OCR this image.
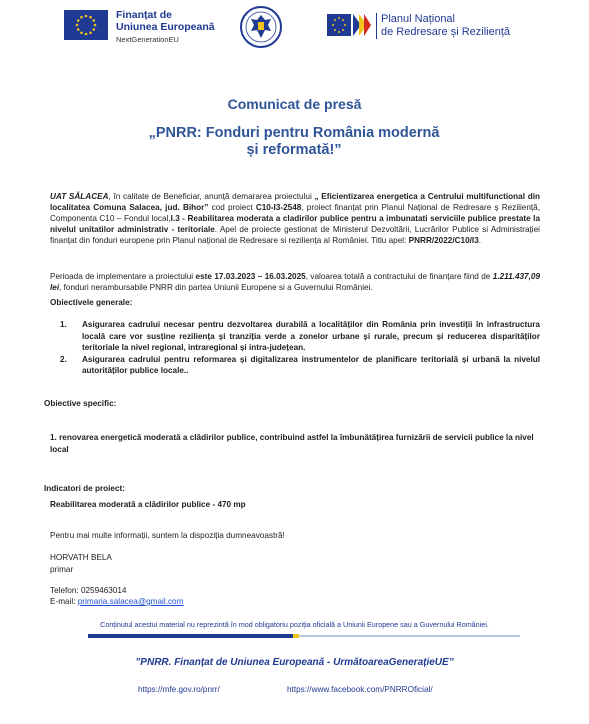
Finanțat de
Uniunea Europeană
NextGenerationEU
Planul Național
de Redresare și Reziliență
Comunicat de presă
„PNRR: Fonduri pentru România modernă și reformată!”
UAT SĂLACEA, în calitate de Beneficiar, anunță demararea proiectului „ Eficientizarea energetica a Centrului multifunctional din localitatea Comuna Salacea, jud. Bihor” cod proiect C10-I3-2548, proiect finanțat prin Planul Național de Redresare ș Reziliență, Componenta C10 – Fondul local,I.3 - Reabilitarea moderata a cladirilor publice pentru a imbunatati serviciile publice prestate la nivelul unitatilor administrativ - teritoriale. Apel de proiecte gestionat de Ministerul Dezvoltării, Lucrărilor Publice si Administrației finanțat din fonduri europene prin Planul național de Redresare si reziliența al României. Titlu apel: PNRR/2022/C10/I3.
Perioada de implementare a proiectului este 17.03.2023 – 16.03.2025, valoarea totală a contractului de finanțare fiind de 1.211.437,09 lei, fonduri nerambursabile PNRR din partea Uniunii Europene si a Guvernului României.
Obiectivele generale:
1. Asigurarea cadrului necesar pentru dezvoltarea durabilă a localităților din România prin investiții în infrastructura locală care vor susține reziliența și tranziția verde a zonelor urbane și rurale, precum și reducerea disparităților teritoriale la nivel regional, intraregional și intra-județean.
2. Asigurarea cadrului pentru reformarea și digitalizarea instrumentelor de planificare teritorială și urbană la nivelul autorităților publice locale..
Obiective specific:
1. renovarea energetică moderată a clădirilor publice, contribuind astfel la îmbunătățirea furnizării de servicii publice la nivel local
Indicatori de proiect:
Reabilitarea moderată a clădirilor publice - 470 mp
Pentru mai multe informații, suntem la dispoziția dumneavoastră!
HORVATH BELA
primar
Telefon: 0259463014
E-mail: primaria.salacea@gmail.com
Conținutul acestui material nu reprezintă în mod obligatoriu poziția oficială a Uniunii Europene sau a Guvernului României.
”PNRR. Finanțat de Uniunea Europeană - UrmătoareaGenerațieUE”
https://mfe.gov.ro/pnrr/	https://www.facebook.com/PNRROficial/
